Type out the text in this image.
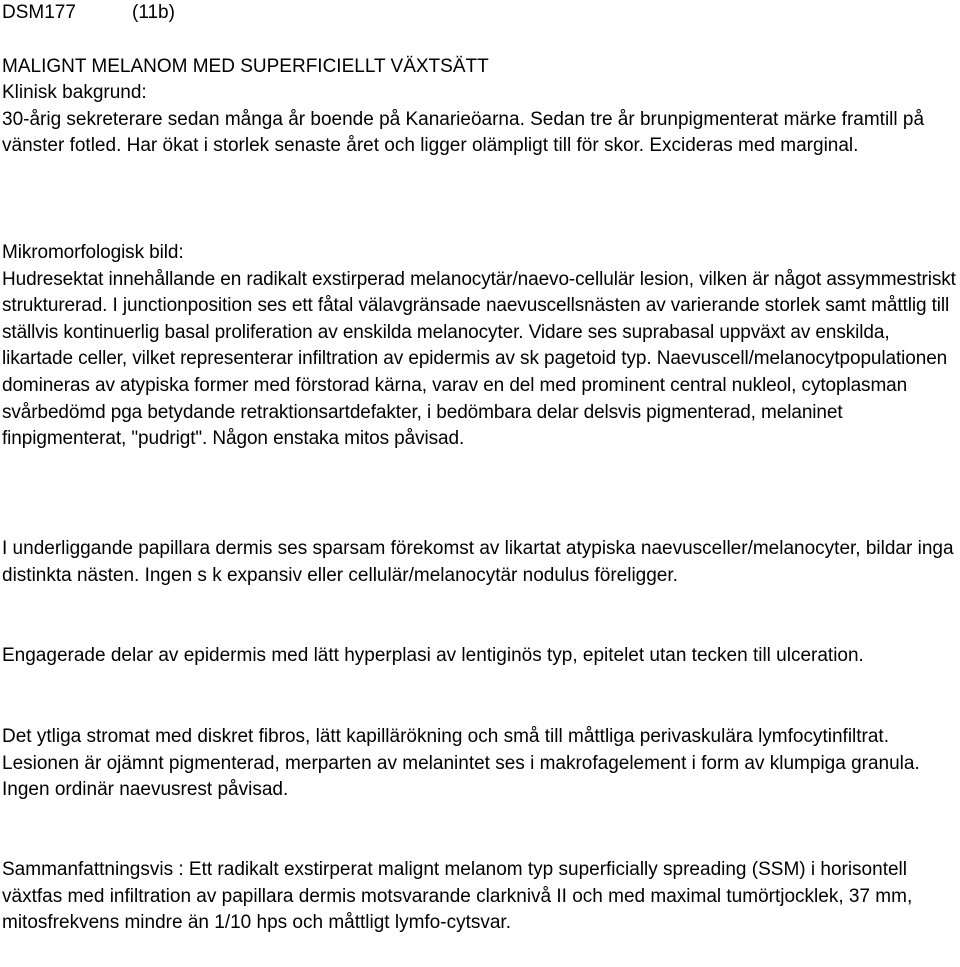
DSM177	(11b)
MALIGNT MELANOM MED SUPERFICIELLT VÄXTSÄTT

Klinisk bakgrund:

30-årig sekreterare sedan många år boende på Kanarieöarna. Sedan tre år brunpigmenterat märke framtill på vänster fotled. Har ökat i storlek senaste året och ligger olämpligt till för skor. Excideras med marginal.

Mikromorfologisk bild:

Hudresektat innehållande en radikalt exstirperad melanocytär/naevo-cellulär lesion, vilken är något assymmestriskt strukturerad. I junctionposition ses ett fåtal välavgränsade naevuscellsnästen av varierande storlek samt måttlig till ställvis kontinuerlig basal proliferation av enskilda melanocyter. Vidare ses suprabasal uppväxt av enskilda, likartade celler, vilket representerar infiltration av epidermis av sk pagetoid typ. Naevuscell/melanocytpopulationen domineras av atypiska former med förstorad kärna, varav en del med prominent central nukleol, cytoplasman svårbedömd pga betydande retraktionsartdefakter, i bedömbara delar delsvis pigmenterad, melaninet finpigmenterat, "pudrigt". Någon enstaka mitos påvisad.

I underliggande papillara dermis ses sparsam förekomst av likartat atypiska naevusceller/melanocyter, bildar inga distinkta nästen. Ingen s k expansiv eller cellulär/melanocytär nodulus föreligger.

Engagerade delar av epidermis med lätt hyperplasi av lentiginös typ, epitelet utan tecken till ulceration.

Det ytliga stromat med diskret fibros, lätt kapillärökning och små till måttliga perivaskulära lymfocytinfiltrat. Lesionen är ojämnt pigmenterad, merparten av melanintet ses i makrofagelement i form av klumpiga granula.

Ingen ordinär naevusrest påvisad.

Sammanfattningsvis : Ett radikalt exstirperat malignt melanom typ superficially spreading (SSM) i horisontell växtfas med infiltration av papillara dermis motsvarande clarknivå II och med maximal tumörtjocklek, 37 mm, mitosfrekvens mindre än 1/10 hps och måttligt lymfo-cytsvar.
